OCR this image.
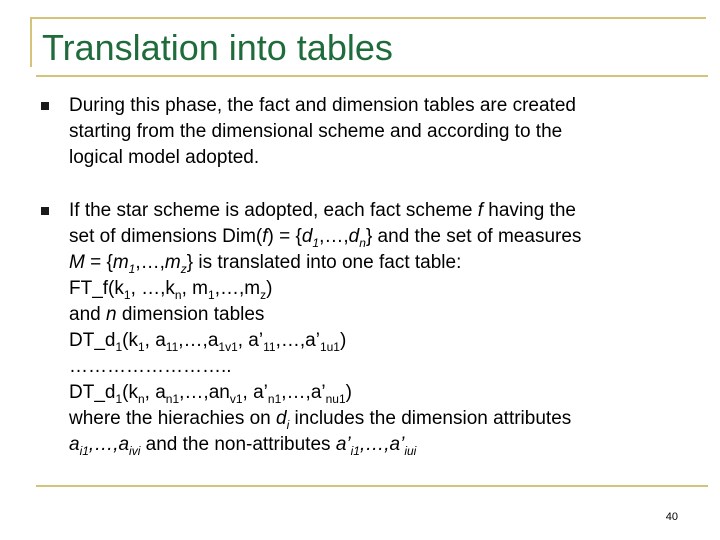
Translation into tables
During this phase, the fact and dimension tables are created
starting from the dimensional scheme and according to the
logical model adopted.
If the star scheme is adopted, each fact scheme f having the
set of dimensions $Dim(f) = \{d_1,\dots,d_n\}$ and the set of measures
$M = \{m_1,\dots,m_z\}$ is translated into one fact table:
$FT\_f(k_1$, $\dots,k_n$, $m_1,\dots,m_z$)
and n dimension tables
$DT\_d_1(k_1$, $a_{11},\dots,a_{1v1}$, $a’_{11},\dots,a’_{1u1}$)
……………………..
$DT\_d_1(k_n$, $a_{n1},\dots,an_{v1}$, $a’_{n1},\dots,a’_{nu1}$)
where the hierachies on $d_i$ includes the dimension attributes
$a_{i1},\dots,a_{ivi}$ and the non-attributes $a’_{i1},\dots,a’_{iui}$
40
